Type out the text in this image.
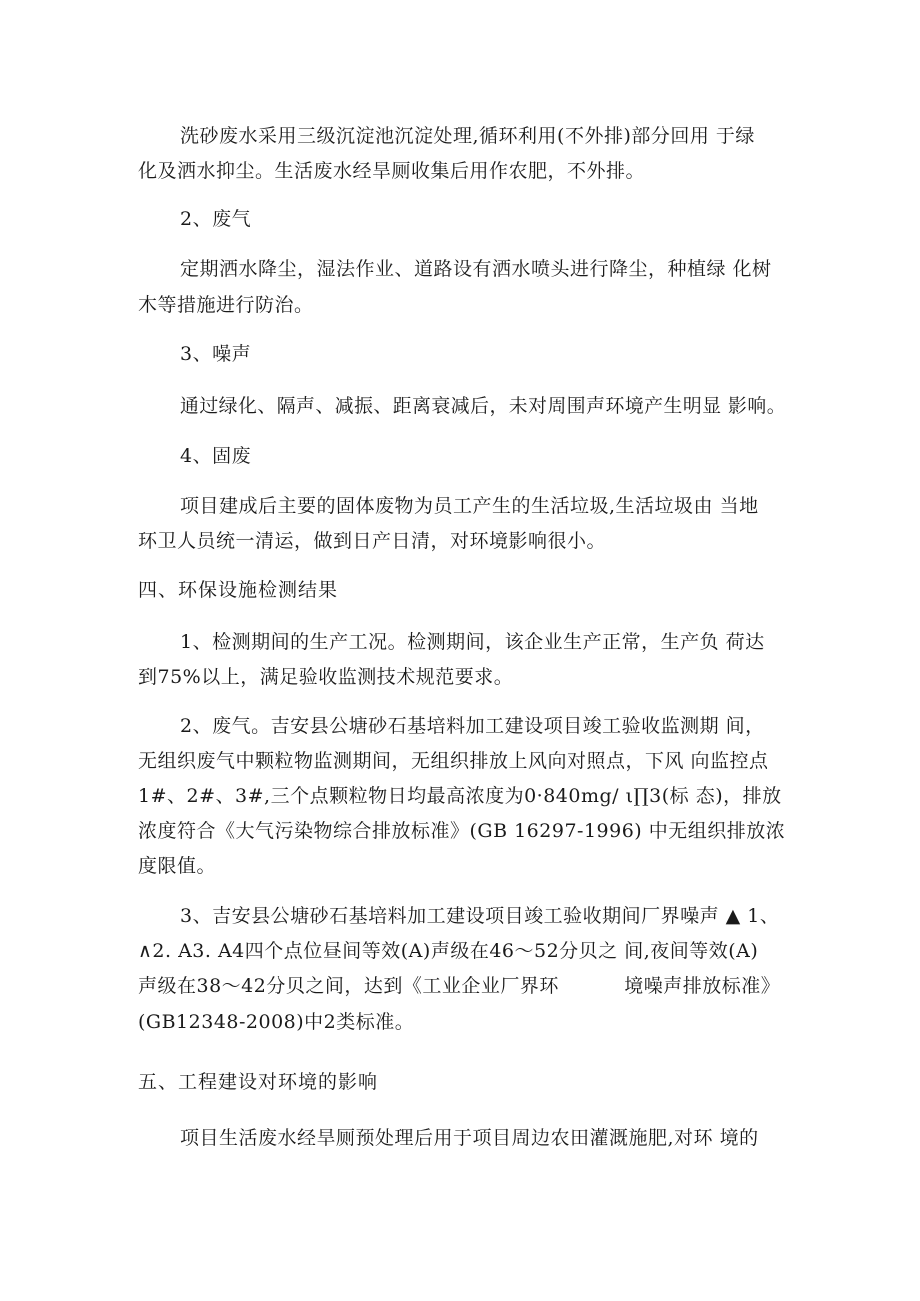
洗砂废水采用三级沉淀池沉淀处理,循环利用(不外排)部分回用 于绿
化及洒水抑尘。生活废水经旱厕收集后用作农肥，不外排。
2、废气
定期洒水降尘，湿法作业、道路设有洒水喷头进行降尘，种植绿 化树
木等措施进行防治。
3、噪声
通过绿化、隔声、减振、距离衰减后，未对周围声环境产生明显 影响。
4、固废
项目建成后主要的固体废物为员工产生的生活垃圾,生活垃圾由 当地
环卫人员统一清运，做到日产日清，对环境影响很小。
四、环保设施检测结果
1、检测期间的生产工况。检测期间，该企业生产正常，生产负 荷达
到75%以上，满足验收监测技术规范要求。
2、废气。吉安县公塘砂石基培料加工建设项目竣工验收监测期 间，
无组织废气中颗粒物监测期间，无组织排放上风向对照点，下风 向监控点
1#、2#、3#,三个点颗粒物日均最高浓度为0·840mg/ ι∏3(标 态)，排放
浓度符合《大气污染物综合排放标准》(GB 16297-1996) 中无组织排放浓
度限值。
3、吉安县公塘砂石基培料加工建设项目竣工验收期间厂界噪声 ▲ 1、
∧2. A3. A4四个点位昼间等效(A)声级在46～52分贝之 间,夜间等效(A)
声级在38～42分贝之间，达到《工业企业厂界环          境噪声排放标准》
(GB12348-2008)中2类标准。
五、工程建设对环境的影响
项目生活废水经旱厕预处理后用于项目周边农田灌溉施肥,对环 境的
